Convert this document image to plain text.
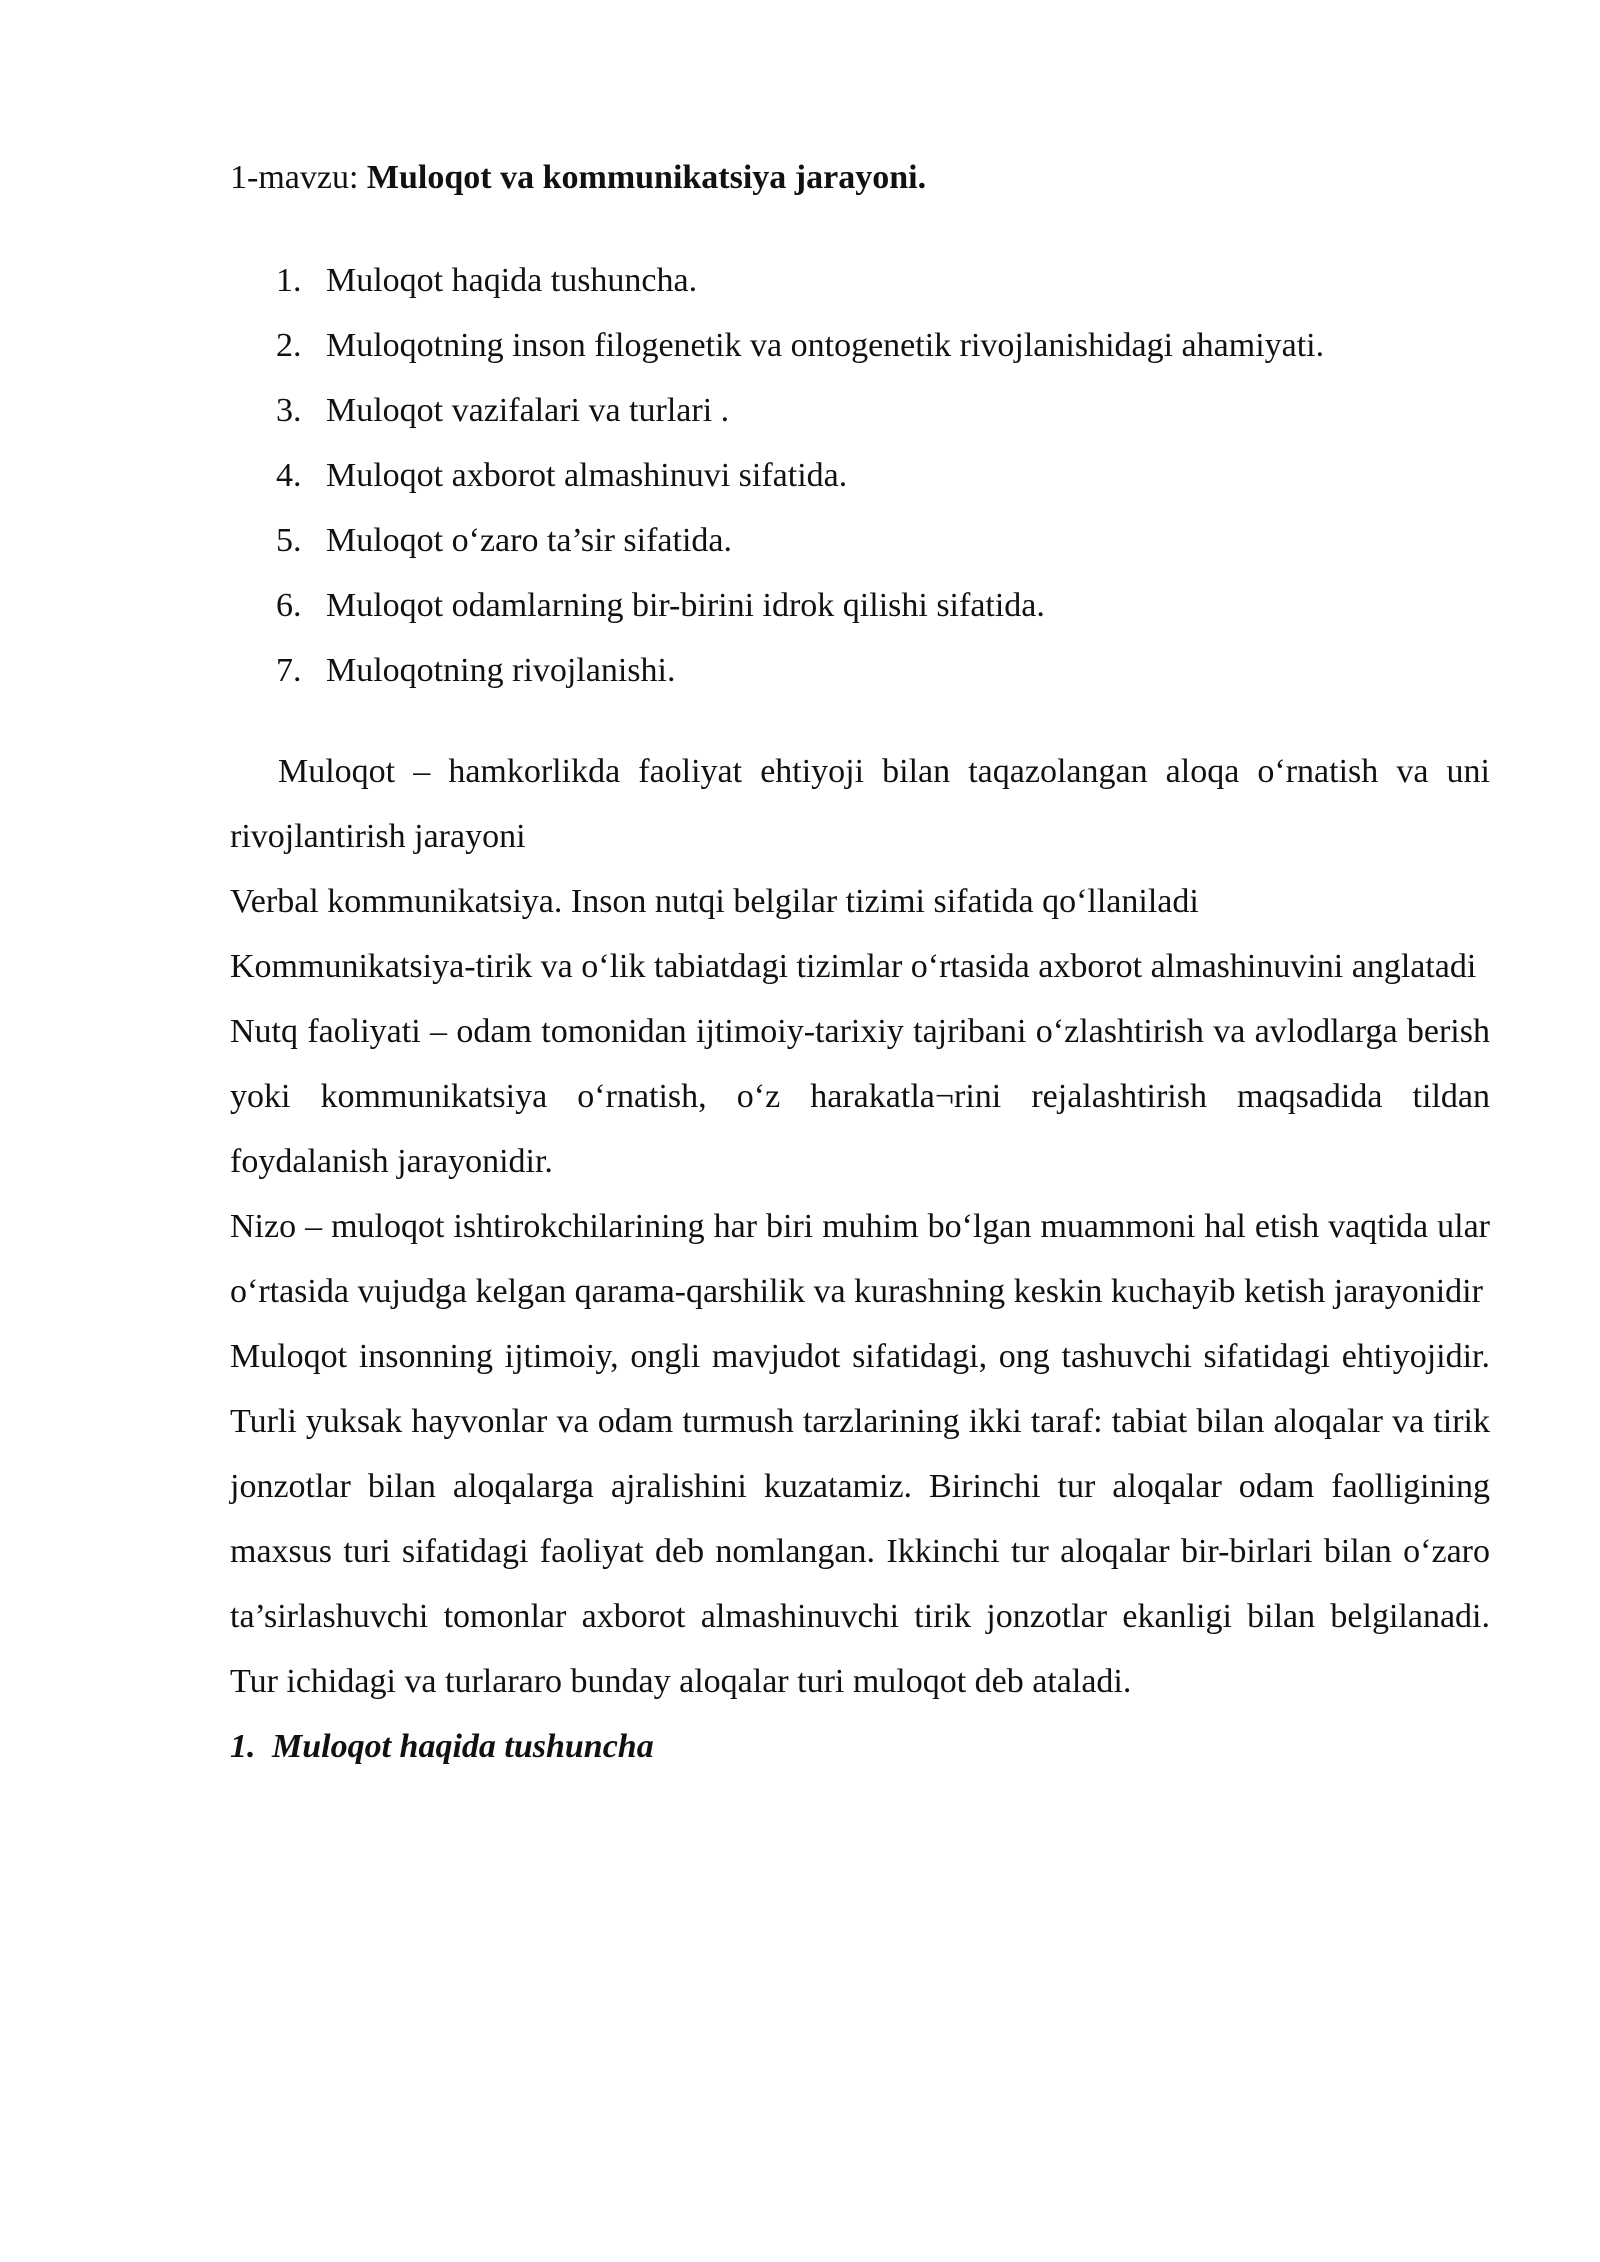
1-mavzu: Muloqot va kommunikatsiya jarayoni.

1. Muloqot haqida tushuncha.
2. Muloqotning inson filogenetik va ontogenetik rivojlanishidagi ahamiyati.
3. Muloqot vazifalari va turlari .
4. Muloqot axborot almashinuvi sifatida.
5. Muloqot o‘zaro ta’sir sifatida.
6. Muloqot odamlarning bir-birini idrok qilishi sifatida.
7. Muloqotning rivojlanishi.

Muloqot – hamkorlikda faoliyat ehtiyoji bilan taqazolangan aloqa o‘rnatish va uni rivojlantirish jarayoni

Verbal kommunikatsiya. Inson nutqi belgilar tizimi sifatida qo‘llaniladi

Kommunikatsiya-tirik va o‘lik tabiatdagi tizimlar o‘rtasida axborot almashinuvini anglatadi

Nutq faoliyati – odam tomonidan ijtimoiy-tarixiy tajribani o‘zlashtirish va avlodlarga berish yoki kommunikatsiya o‘rnatish, o‘z harakatla¬rini rejalashtirish maqsadida tildan foydalanish jarayonidir.

Nizo – muloqot ishtirokchilarining har biri muhim bo‘lgan muammoni hal etish vaqtida ular o‘rtasida vujudga kelgan qarama-qarshilik va kurashning keskin kuchayib ketish jarayonidir

Muloqot insonning ijtimoiy, ongli mavjudot sifatidagi, ong tashuvchi sifatidagi ehtiyojidir. Turli yuksak hayvonlar va odam turmush tarzlarining ikki taraf: tabiat bilan aloqalar va tirik jonzotlar bilan aloqalarga ajralishini kuzatamiz. Birinchi tur aloqalar odam faolligining maxsus turi sifatidagi faoliyat deb nomlangan. Ikkinchi tur aloqalar bir-birlari bilan o‘zaro ta’sirlashuvchi tomonlar axborot almashinuvchi tirik jonzotlar ekanligi bilan belgilanadi. Tur ichidagi va turlararo bunday aloqalar turi muloqot deb ataladi.

1. Muloqot haqida tushuncha
